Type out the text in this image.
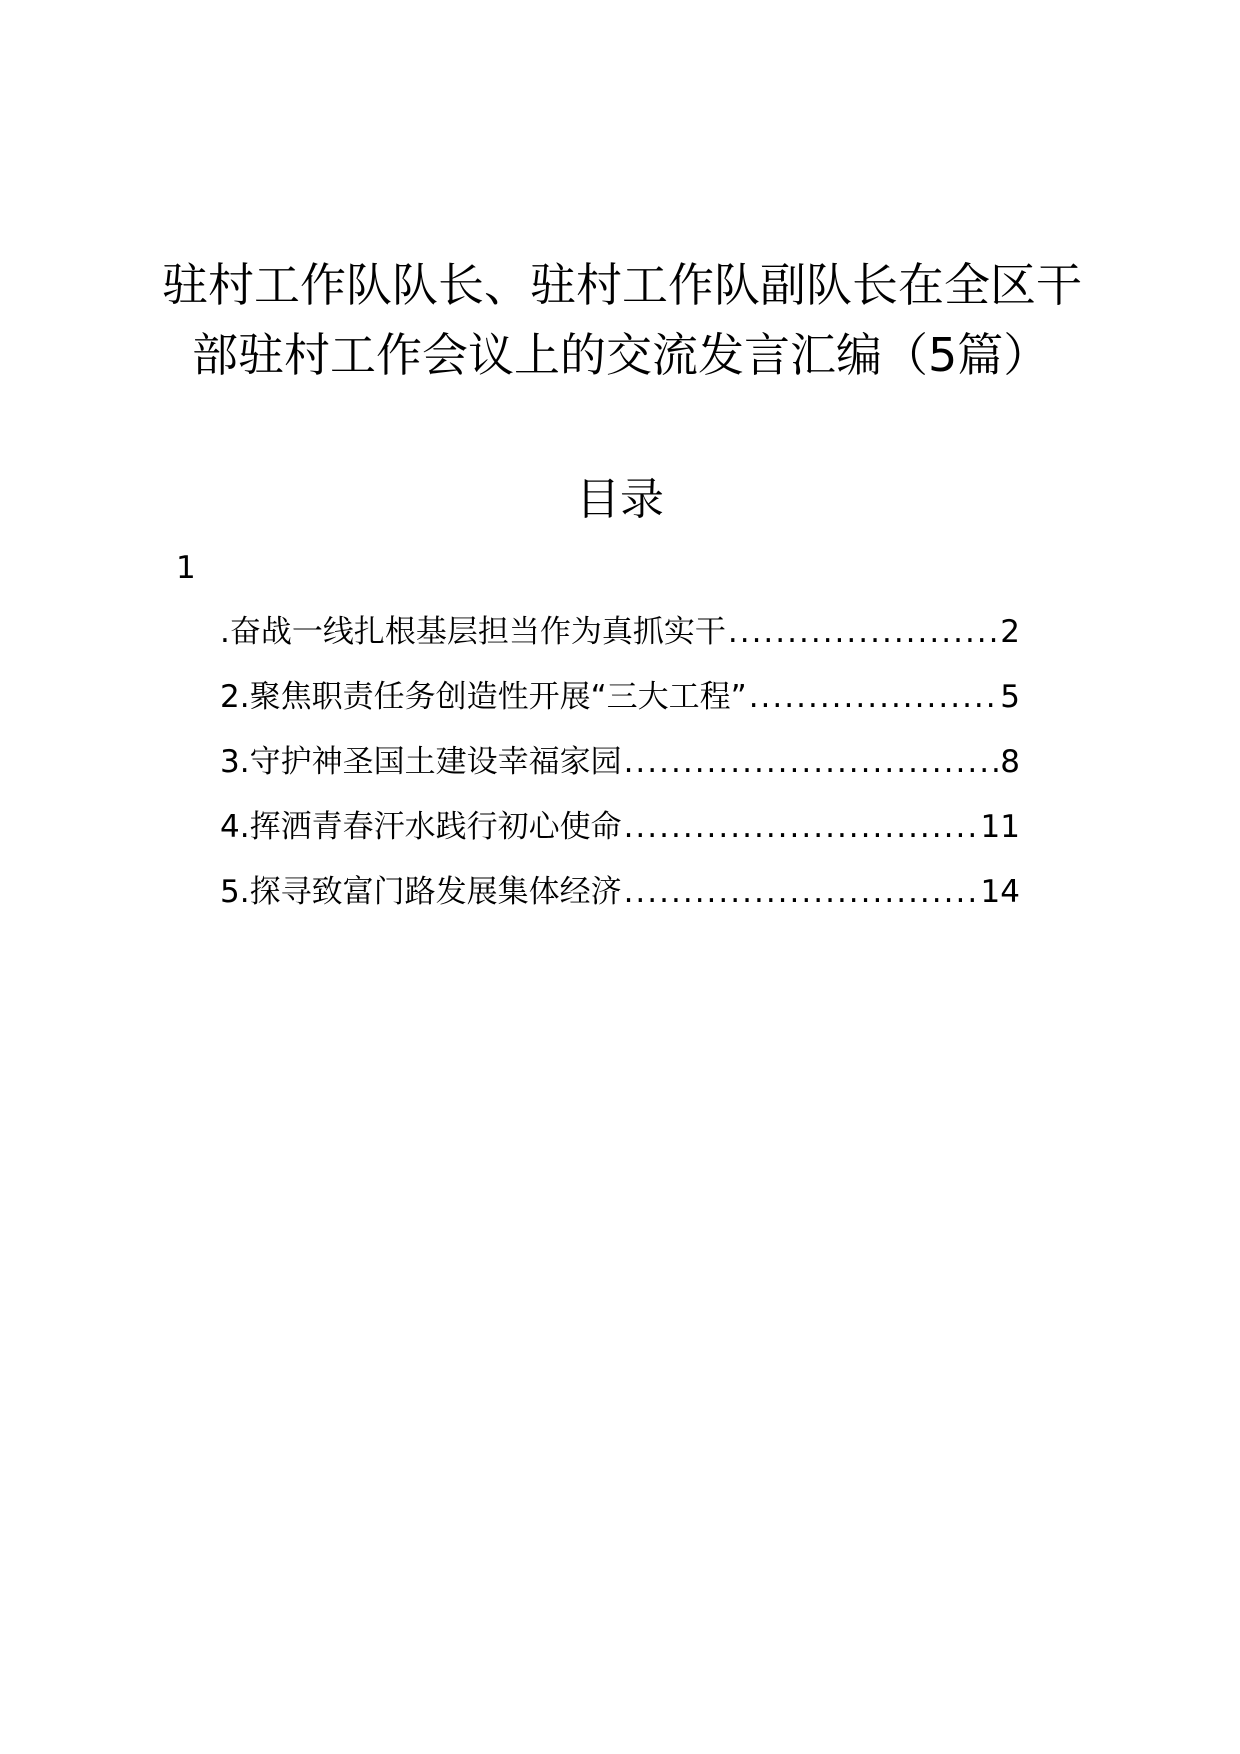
驻村工作队队长、驻村工作队副队长在全区干
部驻村工作会议上的交流发言汇编（5篇）
目录
1
.奋战一线扎根基层担当作为真抓实干 .....	2
2.聚焦职责任务创造性开展“三大工程” .....	5
3.守护神圣国土建设幸福家园 .....	8
4.挥洒青春汗水践行初心使命 .....	11
5.探寻致富门路发展集体经济 .....	14
